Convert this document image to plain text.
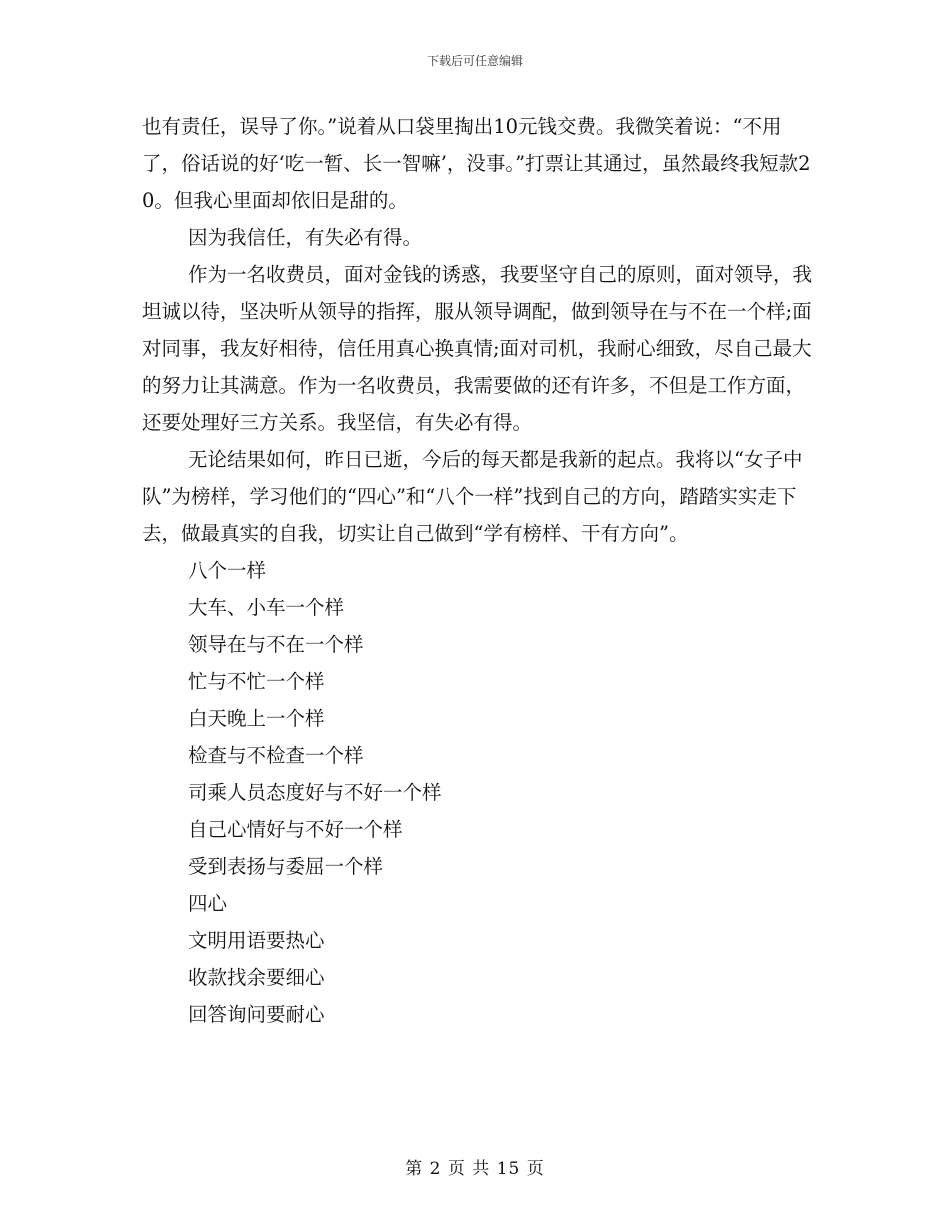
下载后可任意编辑

也有责任，误导了你。”说着从口袋里掏出10元钱交费。我微笑着说：“不用了，俗话说的好‘吃一暂、长一智嘛’，没事。”打票让其通过，虽然最终我短款20。但我心里面却依旧是甜的。

因为我信任，有失必有得。

作为一名收费员，面对金钱的诱惑，我要坚守自己的原则，面对领导，我坦诚以待，坚决听从领导的指挥，服从领导调配，做到领导在与不在一个样;面对同事，我友好相待，信任用真心换真情;面对司机，我耐心细致，尽自己最大的努力让其满意。作为一名收费员，我需要做的还有许多，不但是工作方面，还要处理好三方关系。我坚信，有失必有得。

无论结果如何，昨日已逝，今后的每天都是我新的起点。我将以“女子中队”为榜样，学习他们的“四心”和“八个一样”找到自己的方向，踏踏实实走下去，做最真实的自我，切实让自己做到“学有榜样、干有方向”。

八个一样

大车、小车一个样

领导在与不在一个样

忙与不忙一个样

白天晚上一个样

检查与不检查一个样

司乘人员态度好与不好一个样

自己心情好与不好一个样

受到表扬与委屈一个样

四心

文明用语要热心

收款找余要细心

回答询问要耐心

第 2 页 共 15 页
